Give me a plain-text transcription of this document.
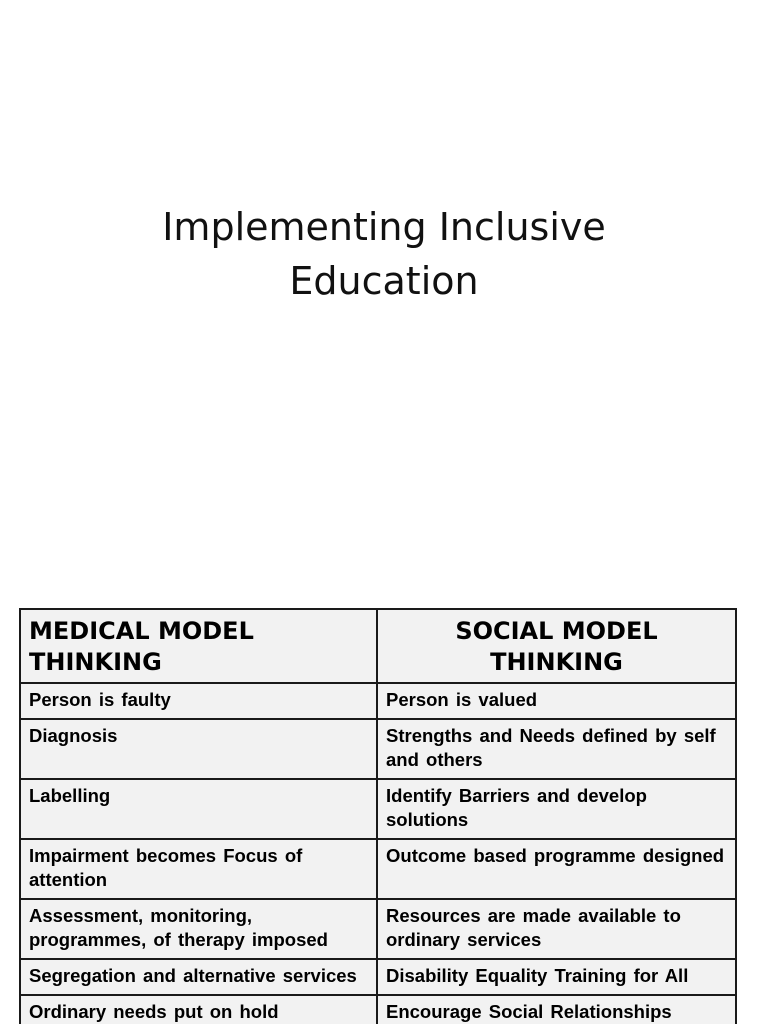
Implementing Inclusive
Education
MEDICAL MODEL THINKING	SOCIAL MODEL THINKING
Person is faulty	Person is valued
Diagnosis	Strengths and Needs defined by self and others
Labelling	Identify Barriers and develop solutions
Impairment becomes Focus of attention	Outcome based programme designed
Assessment, monitoring, programmes, of therapy imposed	Resources are made available to ordinary services
Segregation and alternative services	Disability Equality Training for All
Ordinary needs put on hold	Encourage Social Relationships
